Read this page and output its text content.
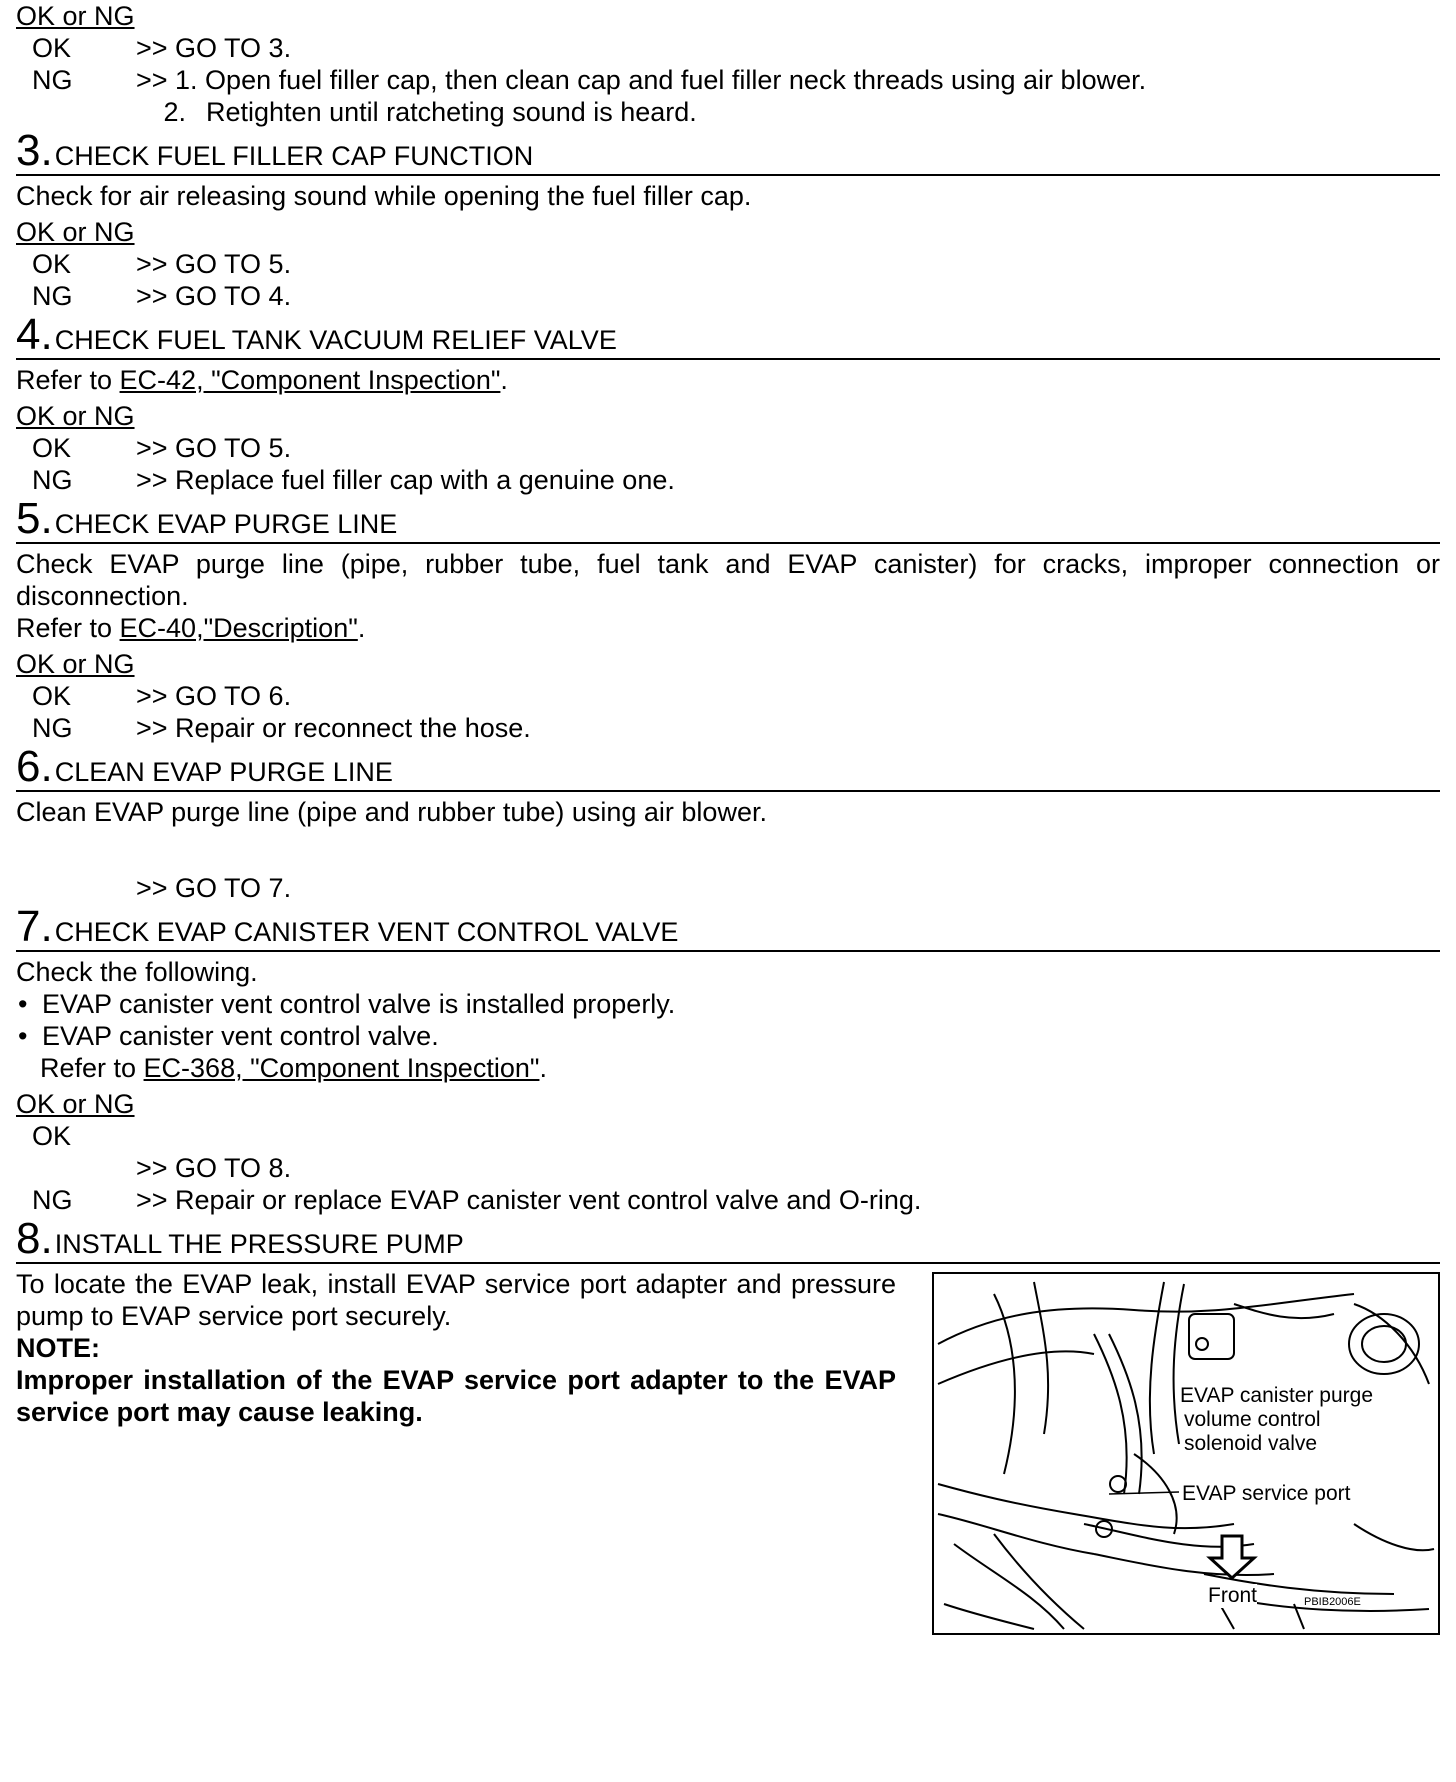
OK or NG
OK	>> GO TO 3.
NG	>> 1. Open fuel filler cap, then clean cap and fuel filler neck threads using air blower.
2. Retighten until ratcheting sound is heard.
3. CHECK FUEL FILLER CAP FUNCTION

Check for air releasing sound while opening the fuel filler cap.

OK or NG
OK	>> GO TO 5.
NG	>> GO TO 4.
4. CHECK FUEL TANK VACUUM RELIEF VALVE

Refer to EC-42, "Component Inspection".

OK or NG
OK	>> GO TO 5.
NG	>> Replace fuel filler cap with a genuine one.
5. CHECK EVAP PURGE LINE

Check EVAP purge line (pipe, rubber tube, fuel tank and EVAP canister) for cracks, improper connection or disconnection.

Refer to EC-40,"Description".

OK or NG
OK	>> GO TO 6.
NG	>> Repair or reconnect the hose.
6. CLEAN EVAP PURGE LINE

Clean EVAP purge line (pipe and rubber tube) using air blower.

>> GO TO 7.
7. CHECK EVAP CANISTER VENT CONTROL VALVE

Check the following.

• EVAP canister vent control valve is installed properly.
• EVAP canister vent control valve.

Refer to EC-368, "Component Inspection".

OK or NG
OK
>> GO TO 8.
NG	>> Repair or replace EVAP canister vent control valve and O-ring.
8. INSTALL THE PRESSURE PUMP

To locate the EVAP leak, install EVAP service port adapter and pressure pump to EVAP service port securely.

NOTE:

Improper installation of the EVAP service port adapter to the EVAP service port may cause leaking.

EVAP canister purge
volume control
solenoid valve
EVAP service port
Front	PBIB2006E
